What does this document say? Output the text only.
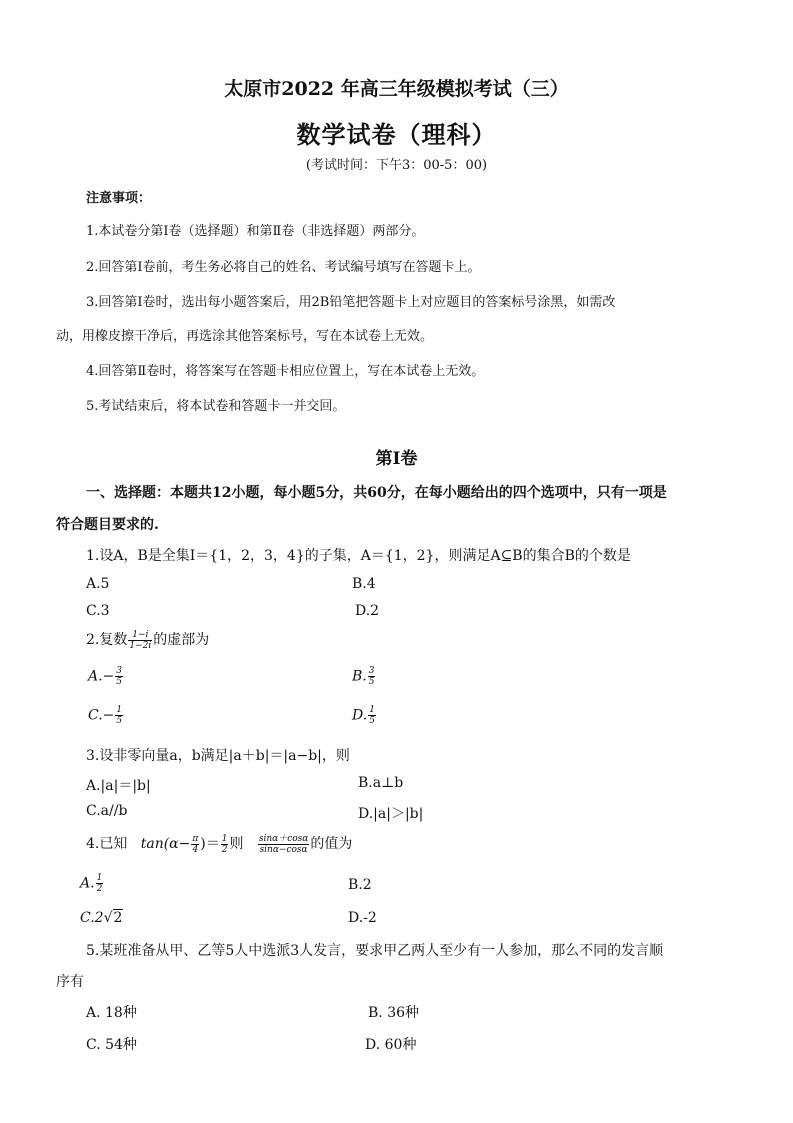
太原市2022 年高三年级模拟考试（三）
数学试卷（理科）
(考试时间：下午3：00-5：00)
注意事项：
1.本试卷分第Ⅰ卷（选择题）和第Ⅱ卷（非选择题）两部分。
2.回答第Ⅰ卷前，考生务必将自己的姓名、考试编号填写在答题卡上。
3.回答第Ⅰ卷时，选出每小题答案后，用2B铅笔把答题卡上对应题目的答案标号涂黑，如需改
动，用橡皮擦干净后，再选涂其他答案标号，写在本试卷上无效。
4.回答第Ⅱ卷时，将答案写在答题卡相应位置上，写在本试卷上无效。
5.考试结束后，将本试卷和答题卡一并交回。
第Ⅰ卷
一、选择题：本题共12小题，每小题5分，共60分，在每小题给出的四个选项中，只有一项是
符合题目要求的.
1.设A，B是全集I＝{1，2，3，4}的子集，A＝{1，2}，则满足A⊆B的集合B的个数是
A.5	B.4
C.3	D.2
2.复数 $\frac{1-i}{1-2i}$ 的虚部为
$A.- \frac{3}{5}$	B. $\frac{3}{5}$
$C.- \frac{1}{5}$	D. $\frac{1}{5}$
3.设非零向量a，b满足|a＋b|＝|a−b|，则
A.|a|＝|b|	B.a⊥b
C.a//b	D.|a|＞|b|
4.已知 $\tan(\alpha- \frac{\pi}{4}$ )＝ $\frac{1}{2}$ 则 $\frac{\sin\alpha+\cos\alpha}{\sin\alpha-\cos\alpha}$ 的值为
A. $\frac{1}{2}$	B.2
C.2√2	D.-2
5.某班准备从甲、乙等5人中选派3人发言，要求甲乙两人至少有一人参加，那么不同的发言顺
序有
A. 18种	B. 36种
C. 54种	D. 60种
